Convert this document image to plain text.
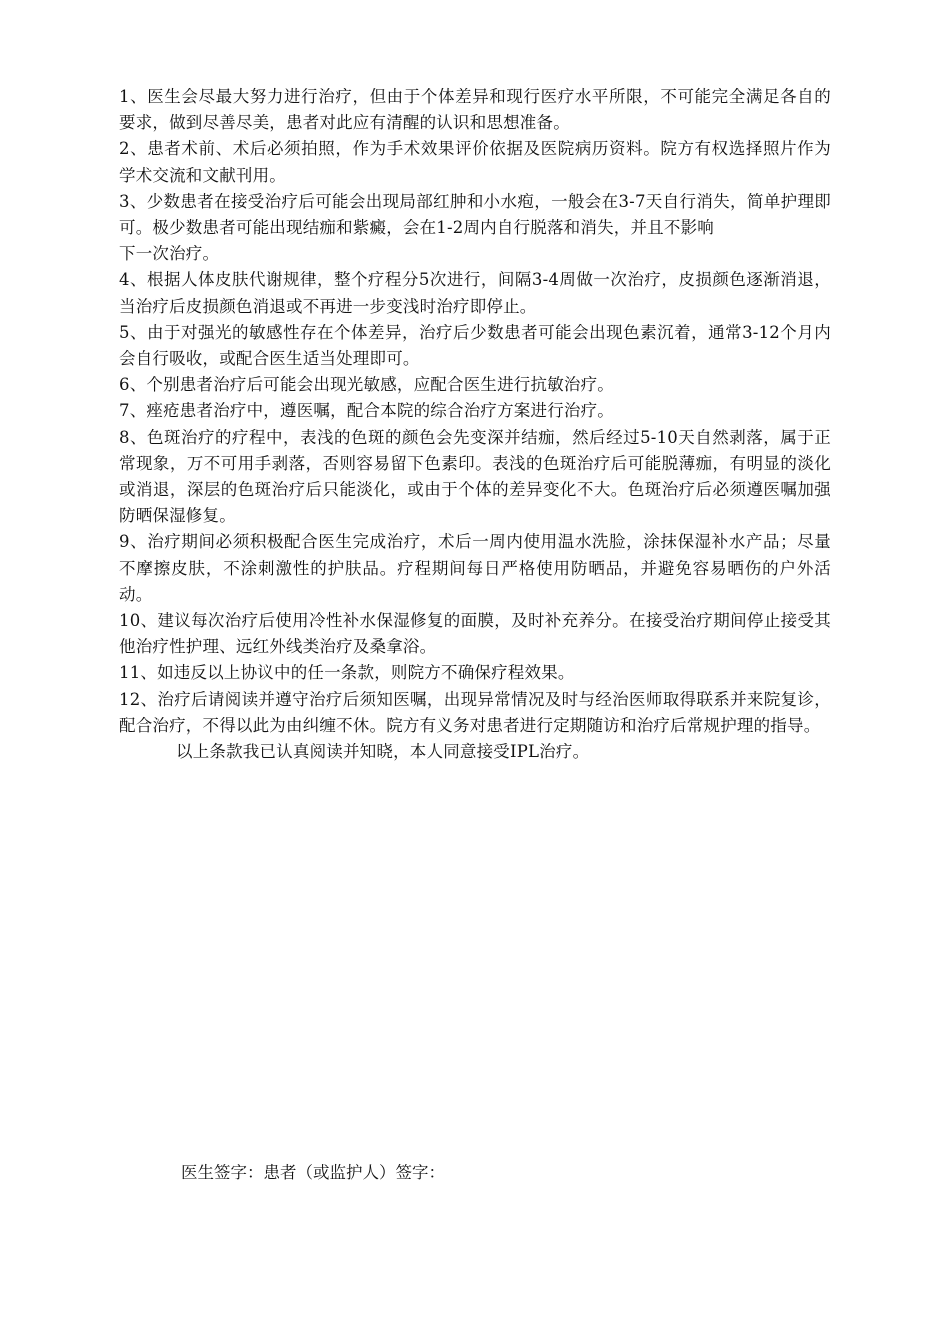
1、医生会尽最大努力进行治疗，但由于个体差异和现行医疗水平所限，不可能完全满足各自的要求，做到尽善尽美，患者对此应有清醒的认识和思想准备。

2、患者术前、术后必须拍照，作为手术效果评价依据及医院病历资料。院方有权选择照片作为学术交流和文献刊用。

3、少数患者在接受治疗后可能会出现局部红肿和小水疱，一般会在3-7天自行消失，简单护理即可。极少数患者可能出现结痂和紫癜，会在1-2周内自行脱落和消失，并且不影响

下一次治疗。

4、根据人体皮肤代谢规律，整个疗程分5次进行，间隔3-4周做一次治疗，皮损颜色逐渐消退，当治疗后皮损颜色消退或不再进一步变浅时治疗即停止。

5、由于对强光的敏感性存在个体差异，治疗后少数患者可能会出现色素沉着，通常3-12个月内会自行吸收，或配合医生适当处理即可。

6、个别患者治疗后可能会出现光敏感，应配合医生进行抗敏治疗。

7、痤疮患者治疗中，遵医嘱，配合本院的综合治疗方案进行治疗。

8、色斑治疗的疗程中，表浅的色斑的颜色会先变深并结痂，然后经过5-10天自然剥落，属于正常现象，万不可用手剥落，否则容易留下色素印。表浅的色斑治疗后可能脱薄痂，有明显的淡化或消退，深层的色斑治疗后只能淡化，或由于个体的差异变化不大。色斑治疗后必须遵医嘱加强防晒保湿修复。

9、治疗期间必须积极配合医生完成治疗，术后一周内使用温水洗脸，涂抹保湿补水产品；尽量不摩擦皮肤，不涂刺激性的护肤品。疗程期间每日严格使用防晒品，并避免容易晒伤的户外活动。

10、建议每次治疗后使用冷性补水保湿修复的面膜，及时补充养分。在接受治疗期间停止接受其他治疗性护理、远红外线类治疗及桑拿浴。

11、如违反以上协议中的任一条款，则院方不确保疗程效果。

12、治疗后请阅读并遵守治疗后须知医嘱，出现异常情况及时与经治医师取得联系并来院复诊，配合治疗，不得以此为由纠缠不休。院方有义务对患者进行定期随访和治疗后常规护理的指导。

以上条款我已认真阅读并知晓，本人同意接受IPL治疗。

医生签字：患者（或监护人）签字：
